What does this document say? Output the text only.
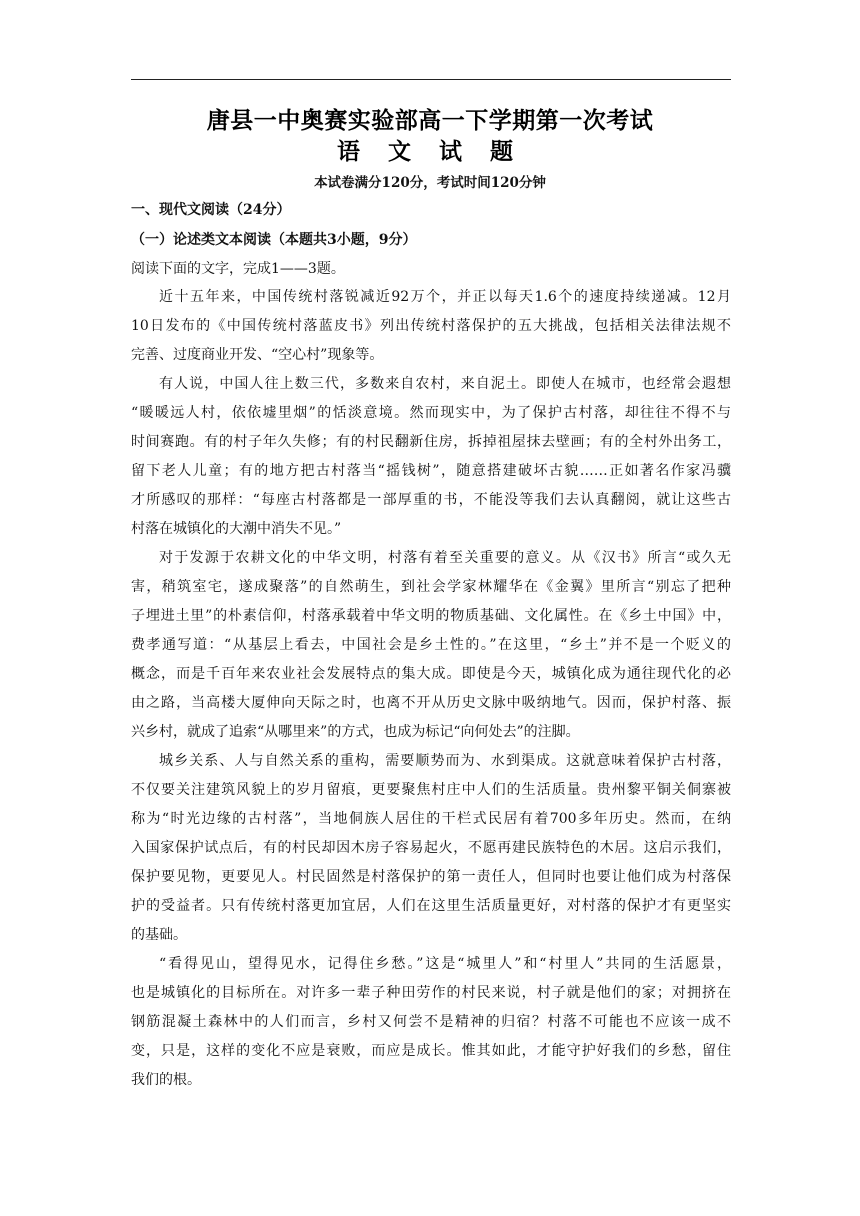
唐县一中奥赛实验部高一下学期第一次考试
语 文 试 题
本试卷满分120分，考试时间120分钟
一、现代文阅读（24分）
（一）论述类文本阅读（本题共3小题，9分）
阅读下面的文字，完成1——3题。
近十五年来，中国传统村落锐减近92万个，并正以每天1.6个的速度持续递减。12月
10日发布的《中国传统村落蓝皮书》列出传统村落保护的五大挑战，包括相关法律法规不
完善、过度商业开发、“空心村”现象等。
有人说，中国人往上数三代，多数来自农村，来自泥土。即使人在城市，也经常会遐想
“暖暖远人村，依依墟里烟”的恬淡意境。然而现实中，为了保护古村落，却往往不得不与
时间赛跑。有的村子年久失修；有的村民翻新住房，拆掉祖屋抹去壁画；有的全村外出务工，
留下老人儿童；有的地方把古村落当“摇钱树”，随意搭建破坏古貌……正如著名作家冯骥
才所感叹的那样：“每座古村落都是一部厚重的书，不能没等我们去认真翻阅，就让这些古
村落在城镇化的大潮中消失不见。”
对于发源于农耕文化的中华文明，村落有着至关重要的意义。从《汉书》所言“或久无
害，稍筑室宅，遂成聚落”的自然萌生，到社会学家林耀华在《金翼》里所言“别忘了把种
子埋进土里”的朴素信仰，村落承载着中华文明的物质基础、文化属性。在《乡土中国》中，
费孝通写道：“从基层上看去，中国社会是乡土性的。”在这里，“乡土”并不是一个贬义的
概念，而是千百年来农业社会发展特点的集大成。即使是今天，城镇化成为通往现代化的必
由之路，当高楼大厦伸向天际之时，也离不开从历史文脉中吸纳地气。因而，保护村落、振
兴乡村，就成了追索“从哪里来”的方式，也成为标记“向何处去”的注脚。
城乡关系、人与自然关系的重构，需要顺势而为、水到渠成。这就意味着保护古村落，
不仅要关注建筑风貌上的岁月留痕，更要聚焦村庄中人们的生活质量。贵州黎平铜关侗寨被
称为“时光边缘的古村落”，当地侗族人居住的干栏式民居有着700多年历史。然而，在纳
入国家保护试点后，有的村民却因木房子容易起火，不愿再建民族特色的木居。这启示我们，
保护要见物，更要见人。村民固然是村落保护的第一责任人，但同时也要让他们成为村落保
护的受益者。只有传统村落更加宜居，人们在这里生活质量更好，对村落的保护才有更坚实
的基础。
“看得见山，望得见水，记得住乡愁。”这是“城里人”和“村里人”共同的生活愿景，
也是城镇化的目标所在。对许多一辈子种田劳作的村民来说，村子就是他们的家；对拥挤在
钢筋混凝土森林中的人们而言，乡村又何尝不是精神的归宿？村落不可能也不应该一成不
变，只是，这样的变化不应是衰败，而应是成长。惟其如此，才能守护好我们的乡愁，留住
我们的根。
